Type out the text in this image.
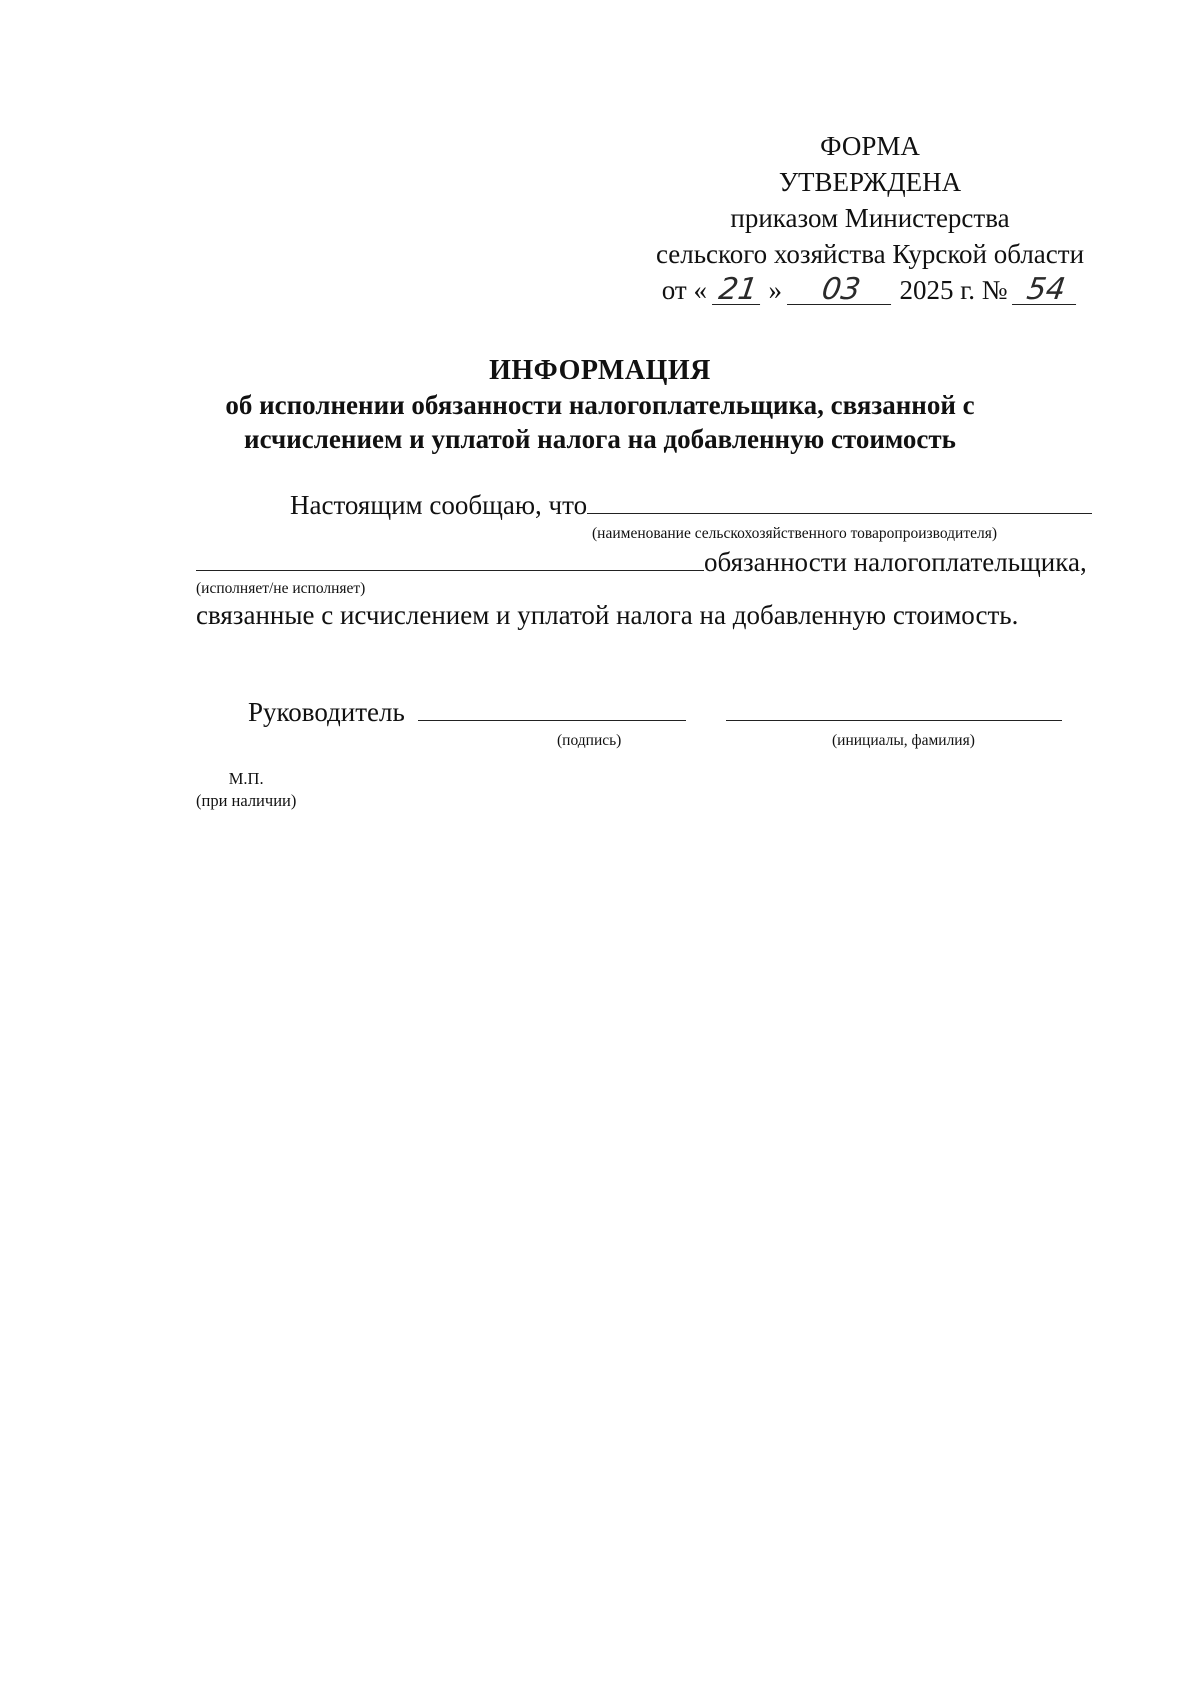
ФОРМА
УТВЕРЖДЕНА
приказом Министерства
сельского хозяйства Курской области
от « 21 » 03 2025 г. № 54
ИНФОРМАЦИЯ
об исполнении обязанности налогоплательщика, связанной с
исчислением и уплатой налога на добавленную стоимость
Настоящим сообщаю, что
(наименование сельскохозяйственного товаропроизводителя)
обязанности налогоплательщика,
(исполняет/не исполняет)
связанные с исчислением и уплатой налога на добавленную стоимость.
Руководитель
(подпись)	(инициалы, фамилия)
М.П.
(при наличии)
